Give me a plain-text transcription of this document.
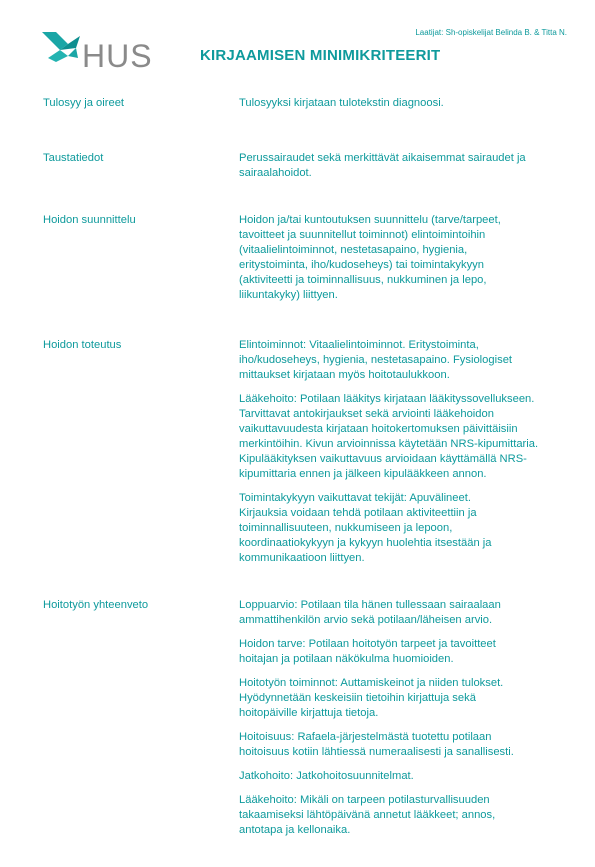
Laatijat: Sh-opiskelijat Belinda B. & Titta N.
HUS	KIRJAAMISEN MINIMIKRITEERIT
Tulosyy ja oireet	Tulosyyksi kirjataan tulotekstin diagnoosi.

Taustatiedot	Perussairaudet sekä merkittävät aikaisemmat sairaudet ja
sairaalahoidot.

Hoidon suunnittelu	Hoidon ja/tai kuntoutuksen suunnittelu (tarve/tarpeet,
tavoitteet ja suunnitellut toiminnot) elintoimintoihin
(vitaalielintoiminnot, nestetasapaino, hygienia,
eritystoiminta, iho/kudoseheys) tai toimintakykyyn
(aktiviteetti ja toiminnallisuus, nukkuminen ja lepo,
liikuntakyky) liittyen.

Hoidon toteutus	Elintoiminnot: Vitaalielintoiminnot. Eritystoiminta,
iho/kudoseheys, hygienia, nestetasapaino. Fysiologiset
mittaukset kirjataan myös hoitotaulukkoon.

Lääkehoito: Potilaan lääkitys kirjataan lääkityssovellukseen.
Tarvittavat antokirjaukset sekä arviointi lääkehoidon
vaikuttavuudesta kirjataan hoitokertomuksen päivittäisiin
merkintöihin. Kivun arvioinnissa käytetään NRS-kipumittaria.
Kipulääkityksen vaikuttavuus arvioidaan käyttämällä NRS-
kipumittaria ennen ja jälkeen kipulääkkeen annon.

Toimintakykyyn vaikuttavat tekijät: Apuvälineet.
Kirjauksia voidaan tehdä potilaan aktiviteettiin ja
toiminnallisuuteen, nukkumiseen ja lepoon,
koordinaatiokykyyn ja kykyyn huolehtia itsestään ja
kommunikaatioon liittyen.

Hoitotyön yhteenveto	Loppuarvio: Potilaan tila hänen tullessaan sairaalaan
ammattihenkilön arvio sekä potilaan/läheisen arvio.

Hoidon tarve: Potilaan hoitotyön tarpeet ja tavoitteet
hoitajan ja potilaan näkökulma huomioiden.

Hoitotyön toiminnot: Auttamiskeinot ja niiden tulokset.
Hyödynnetään keskeisiin tietoihin kirjattuja sekä
hoitopäiville kirjattuja tietoja.

Hoitoisuus: Rafaela-järjestelmästä tuotettu potilaan
hoitoisuus kotiin lähtiessä numeraalisesti ja sanallisesti.

Jatkohoito: Jatkohoitosuunnitelmat.

Lääkehoito: Mikäli on tarpeen potilasturvallisuuden
takaamiseksi lähtöpäivänä annetut lääkkeet; annos,
antotapa ja kellonaika.
